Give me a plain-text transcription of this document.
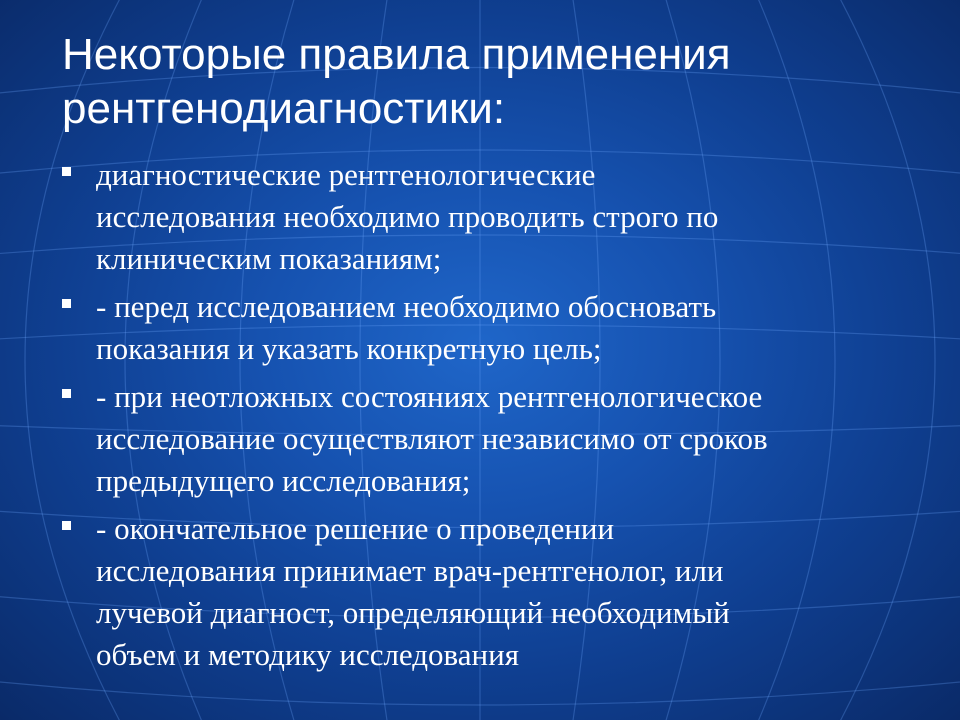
Некоторые правила применения
рентгенодиагностики:
диагностические рентгенологические
исследования необходимо проводить строго по
клиническим показаниям;
- перед исследованием необходимо обосновать
показания и указать конкретную цель;
- при неотложных состояниях рентгенологическое
исследование осуществляют независимо от сроков
предыдущего исследования;
- окончательное решение о проведении
исследования принимает врач-рентгенолог, или
лучевой диагност, определяющий необходимый
объем и методику исследования
